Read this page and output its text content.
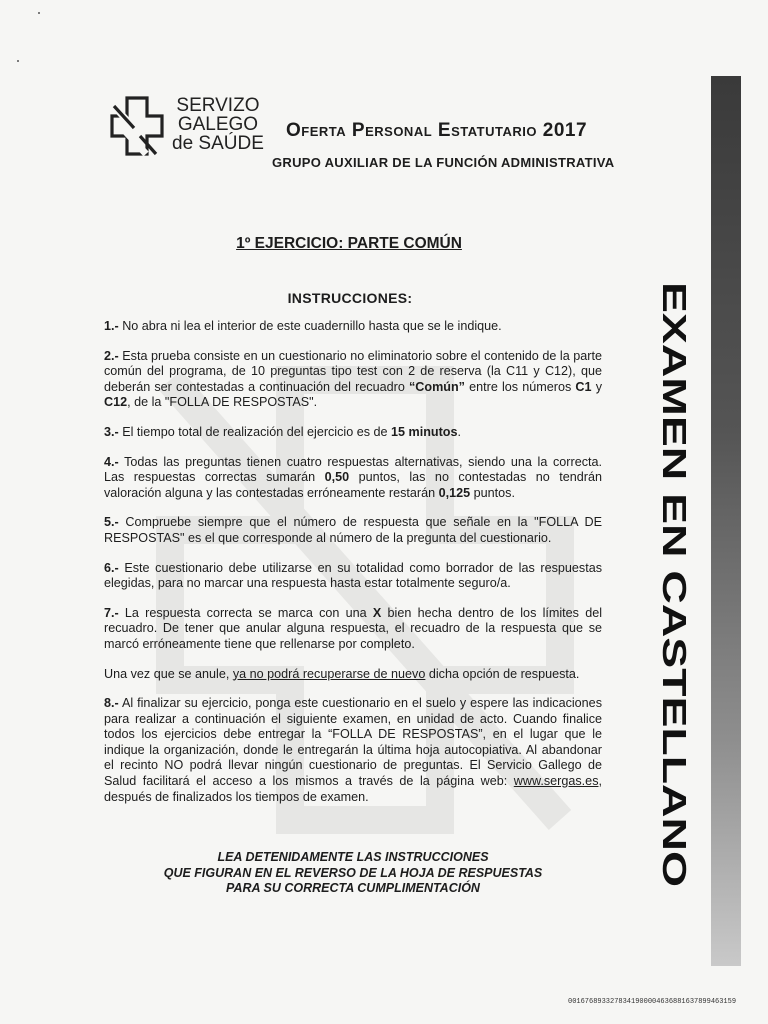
SERVIZO
GALEGO
de SAÚDE
Oferta Personal Estatutario 2017
GRUPO AUXILIAR DE LA FUNCIÓN ADMINISTRATIVA
1º EJERCICIO: PARTE COMÚN
INSTRUCCIONES:

1.- No abra ni lea el interior de este cuadernillo hasta que se le indique.

2.- Esta prueba consiste en un cuestionario no eliminatorio sobre el contenido de la parte común del programa, de 10 preguntas tipo test con 2 de reserva (la C11 y C12), que deberán ser contestadas a continuación del recuadro “Común” entre los números C1 y C12, de la "FOLLA DE RESPOSTAS".

3.- El tiempo total de realización del ejercicio es de 15 minutos.

4.- Todas las preguntas tienen cuatro respuestas alternativas, siendo una la correcta. Las respuestas correctas sumarán 0,50 puntos, las no contestadas no tendrán valoración alguna y las contestadas erróneamente restarán 0,125 puntos.

5.- Compruebe siempre que el número de respuesta que señale en la "FOLLA DE RESPOSTAS" es el que corresponde al número de la pregunta del cuestionario.

6.- Este cuestionario debe utilizarse en su totalidad como borrador de las respuestas elegidas, para no marcar una respuesta hasta estar totalmente seguro/a.

7.- La respuesta correcta se marca con una X bien hecha dentro de los límites del recuadro. De tener que anular alguna respuesta, el recuadro de la respuesta que se marcó erróneamente tiene que rellenarse por completo.

Una vez que se anule, ya no podrá recuperarse de nuevo dicha opción de respuesta.

8.- Al finalizar su ejercicio, ponga este cuestionario en el suelo y espere las indicaciones para realizar a continuación el siguiente examen, en unidad de acto. Cuando finalice todos los ejercicios debe entregar la “FOLLA DE RESPOSTAS”, en el lugar que le indique la organización, donde le entregarán la última hoja autocopiativa. Al abandonar el recinto NO podrá llevar ningún cuestionario de preguntas. El Servicio Gallego de Salud facilitará el acceso a los mismos a través de la página web: www.sergas.es, después de finalizados los tiempos de examen.

LEA DETENIDAMENTE LAS INSTRUCCIONES
QUE FIGURAN EN EL REVERSO DE LA HOJA DE RESPUESTAS
PARA SU CORRECTA CUMPLIMENTACIÓN
EXAMEN EN CASTELLANO
00167689332783419000046368816378994631​59
